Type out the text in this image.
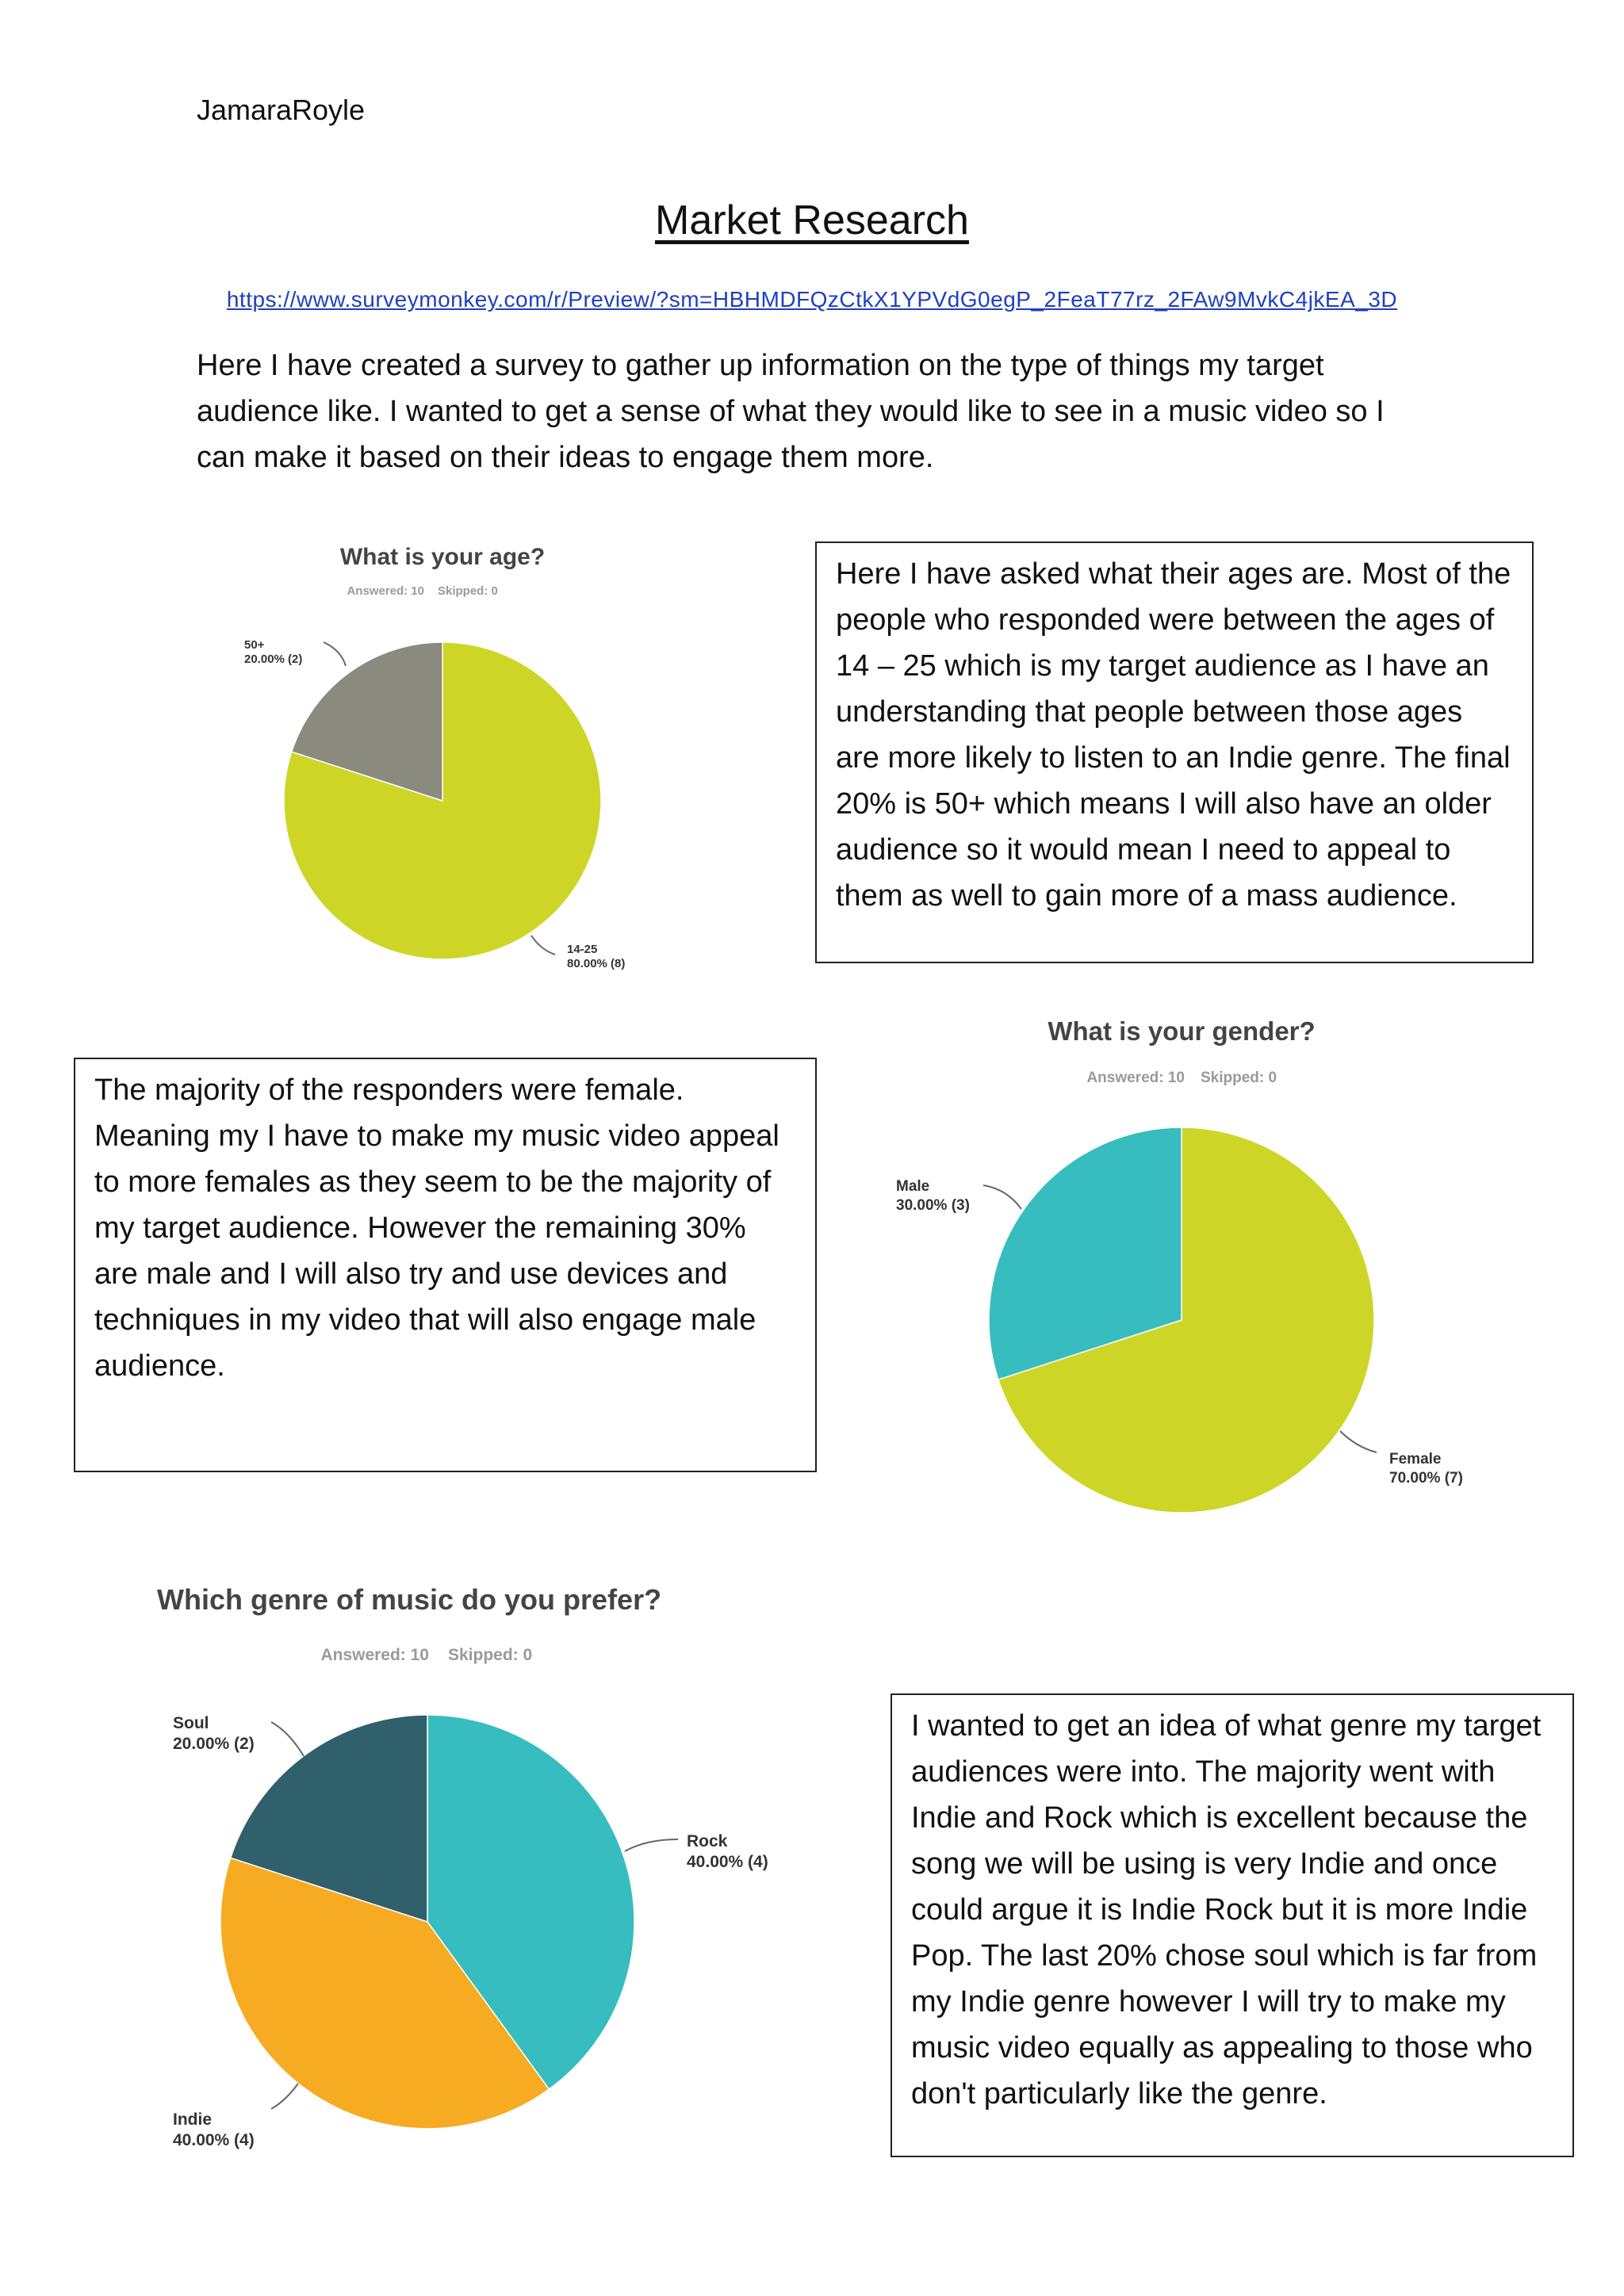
JamaraRoyle
Market Research
https://www.surveymonkey.com/r/Preview/?sm=HBHMDFQzCtkX1YPVdG0egP_2FeaT77rz_2FAw9MvkC4jkEA_3D
Here I have created a survey to gather up information on the type of things my target audience like. I wanted to get a sense of what they would like to see in a music video so I can make it based on their ideas to engage them more.
What is your age?
Answered: 10 Skipped: 0
50+
20.00% (2)
14-25
80.00% (8)
Here I have asked what their ages are. Most of the people who responded were between the ages of 14 – 25 which is my target audience as I have an understanding that people between those ages are more likely to listen to an Indie genre. The final 20% is 50+ which means I will also have an older audience so it would mean I need to appeal to them as well to gain more of a mass audience.
The majority of the responders were female. Meaning my I have to make my music video appeal to more females as they seem to be the majority of my target audience. However the remaining 30% are male and I will also try and use devices and techniques in my video that will also engage male audience.
What is your gender?
Answered: 10 Skipped: 0
Male
30.00% (3)
Female
70.00% (7)
Which genre of music do you prefer?
Answered: 10 Skipped: 0
Soul
20.00% (2)
Rock
40.00% (4)
Indie
40.00% (4)
I wanted to get an idea of what genre my target audiences were into. The majority went with Indie and Rock which is excellent because the song we will be using is very Indie and once could argue it is Indie Rock but it is more Indie Pop. The last 20% chose soul which is far from my Indie genre however I will try to make my music video equally as appealing to those who don't particularly like the genre.
